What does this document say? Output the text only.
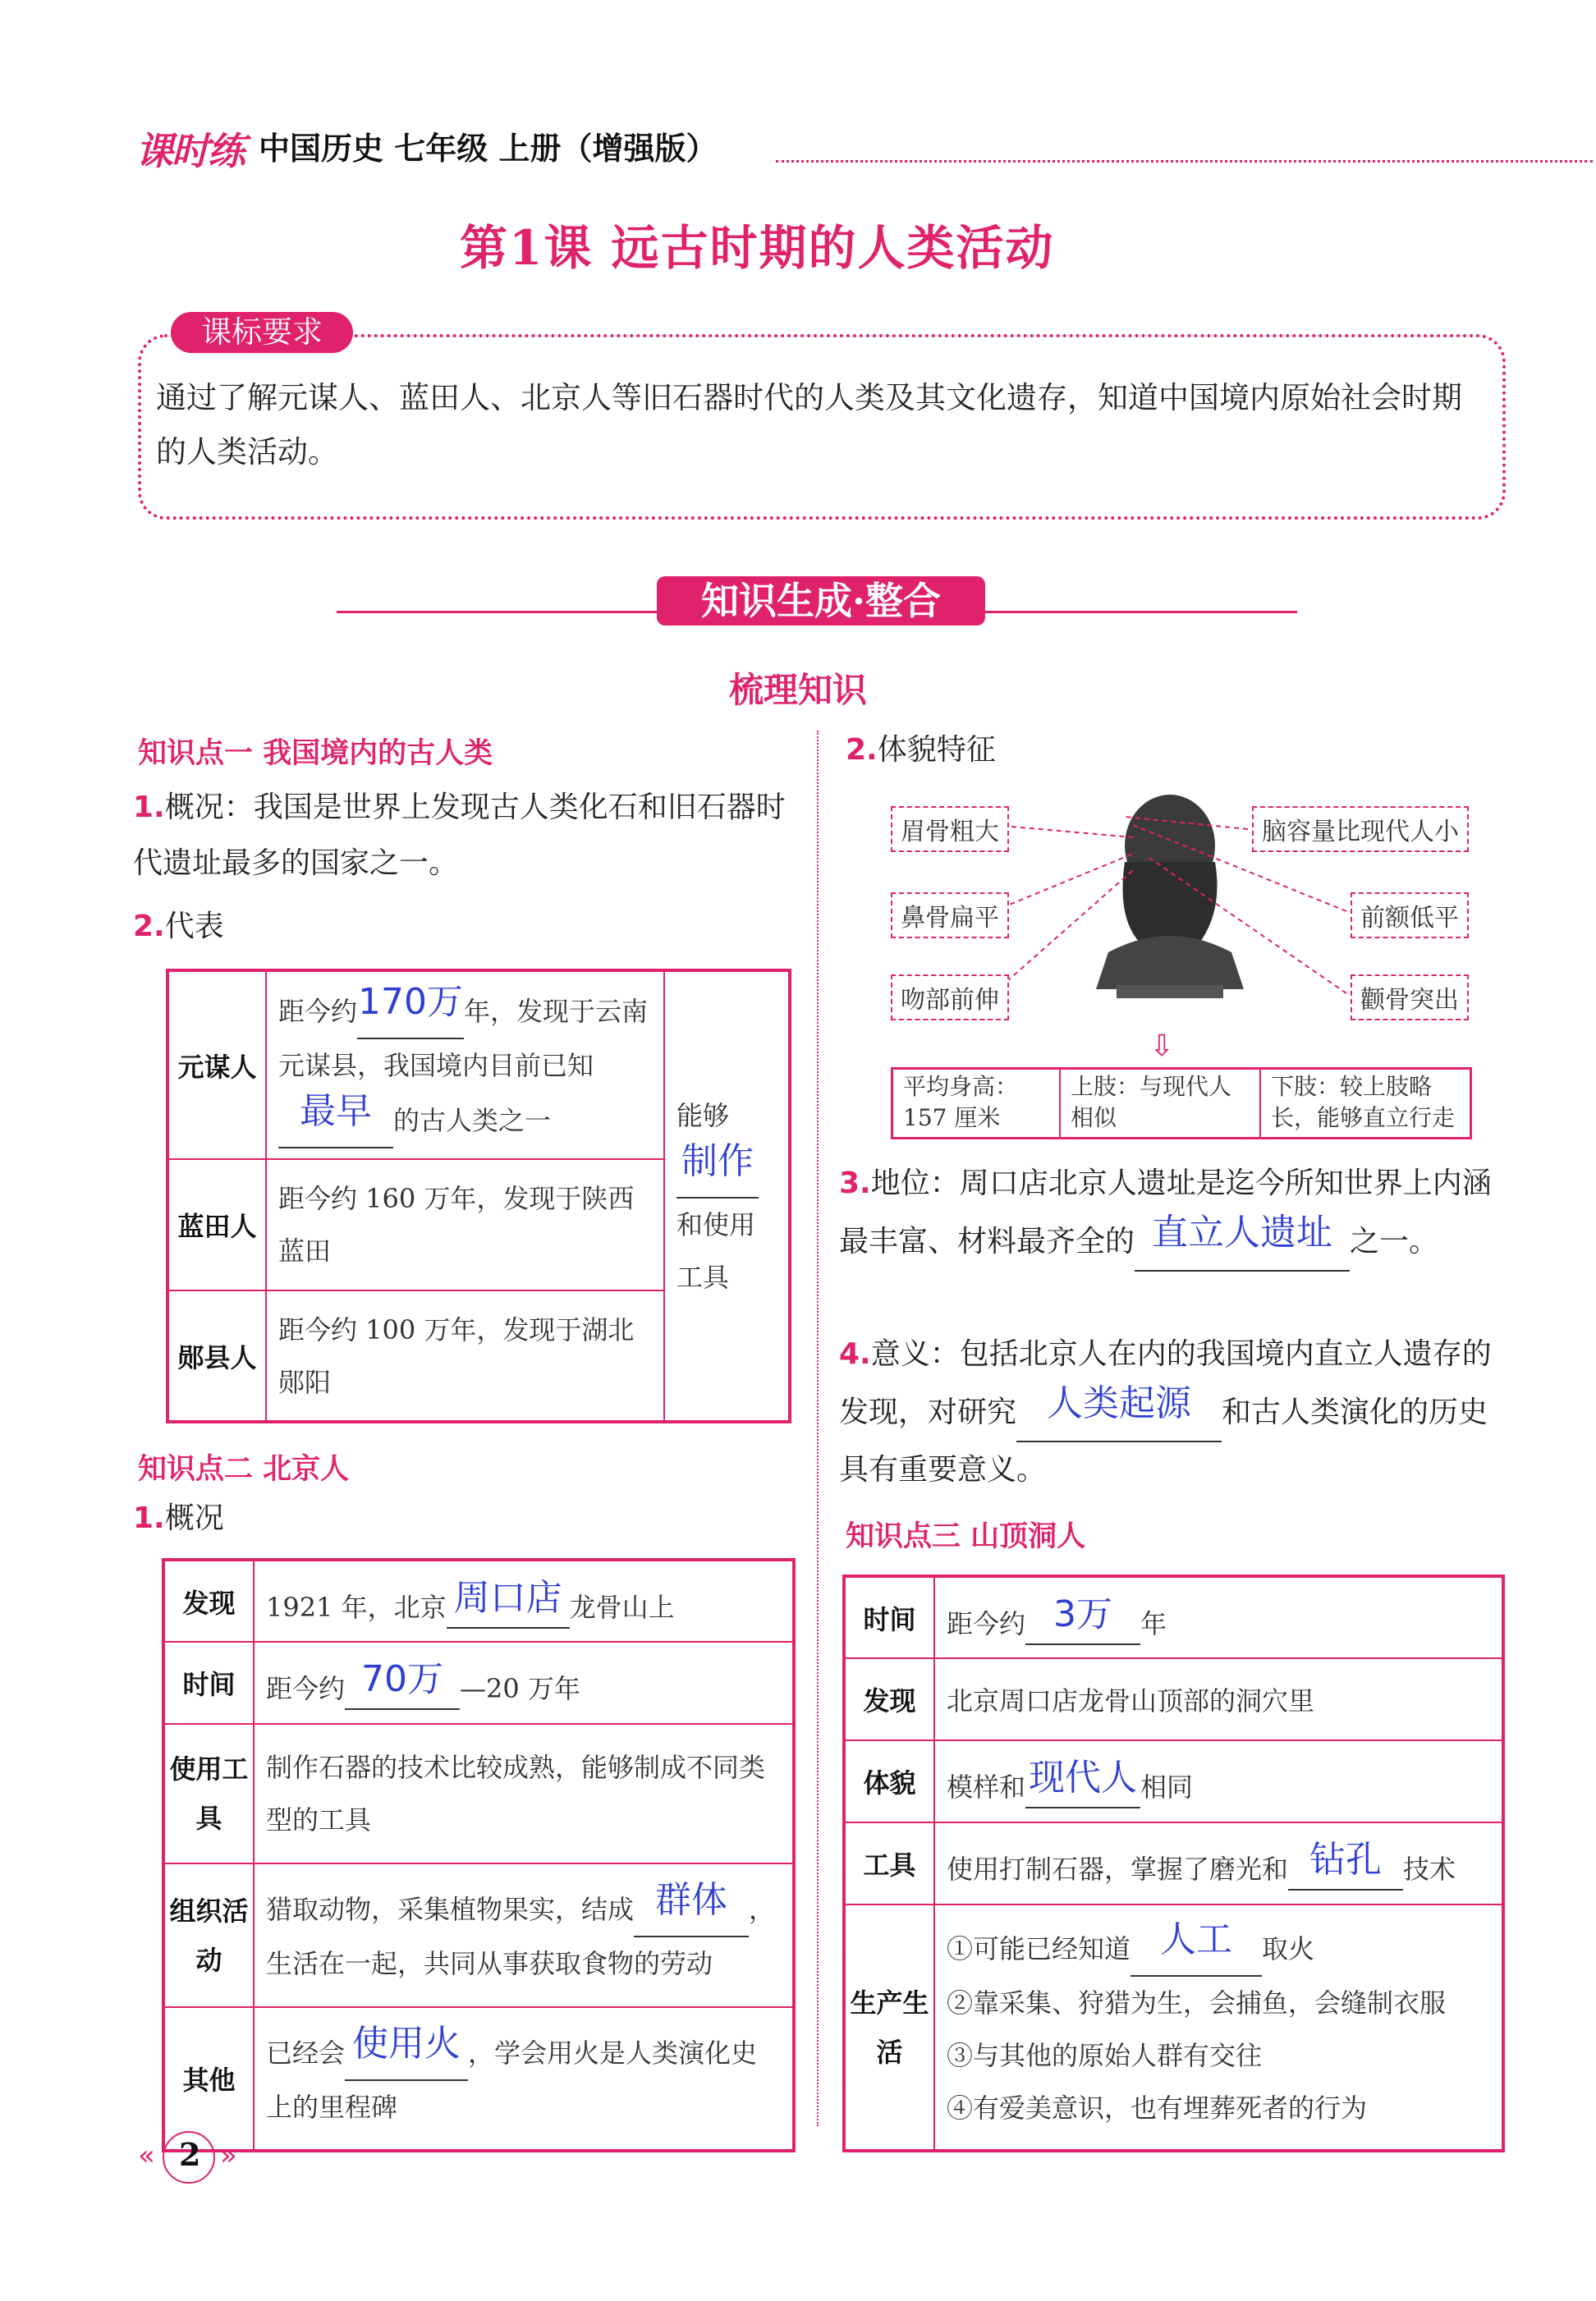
课时练 中国历史 七年级 上册（增强版）
第1课 远古时期的人类活动
课标要求
通过了解元谋人、蓝田人、北京人等旧石器时代的人类及其文化遗存，知道中国境内原始社会时期的人类活动。
知识生成·整合
梳理知识
知识点一 我国境内的古人类
1.概况：我国是世界上发现古人类化石和旧石器时代遗址最多的国家之一。
2.代表
元谋人	距今约170万年，发现于云南元谋县，我国境内目前已知最早 的古人类之一	能够制作和使用工具
蓝田人	距今约 160 万年，发现于陕西蓝田	
郧县人	距今约 100 万年，发现于湖北郧阳	
知识点二 北京人
1.概况
发现	1921 年，北京 周口店 龙骨山上
时间	距今约 70万 —20 万年
使用工具	制作石器的技术比较成熟，能够制成不同类型的工具
组织活动	猎取动物，采集植物果实，结成 群体 ，生活在一起，共同从事获取食物的劳动
其他	已经会 使用火 ，学会用火是人类演化史上的里程碑
2.体貌特征
眉骨粗大
鼻骨扁平
吻部前伸
脑容量比现代人小
前额低平
颧骨突出
⇩
平均身高：157 厘米
上肢：与现代人相似
下肢：较上肢略长，能够直立行走
3.地位：周口店北京人遗址是迄今所知世界上内涵最丰富、材料最齐全的 直立人遗址 之一。
4.意义：包括北京人在内的我国境内直立人遗存的发现，对研究 人类起源 和古人类演化的历史具有重要意义。
知识点三 山顶洞人
时间	距今约 3万 年
发现	北京周口店龙骨山顶部的洞穴里
体貌	模样和现代人 相同
工具	使用打制石器，掌握了磨光和 钻孔 技术
生产生活	①可能已经知道 人工 取火
②靠采集、狩猎为生，会捕鱼，会缝制衣服
③与其他的原始人群有交往
④有爱美意识，也有埋葬死者的行为
« 2 »
